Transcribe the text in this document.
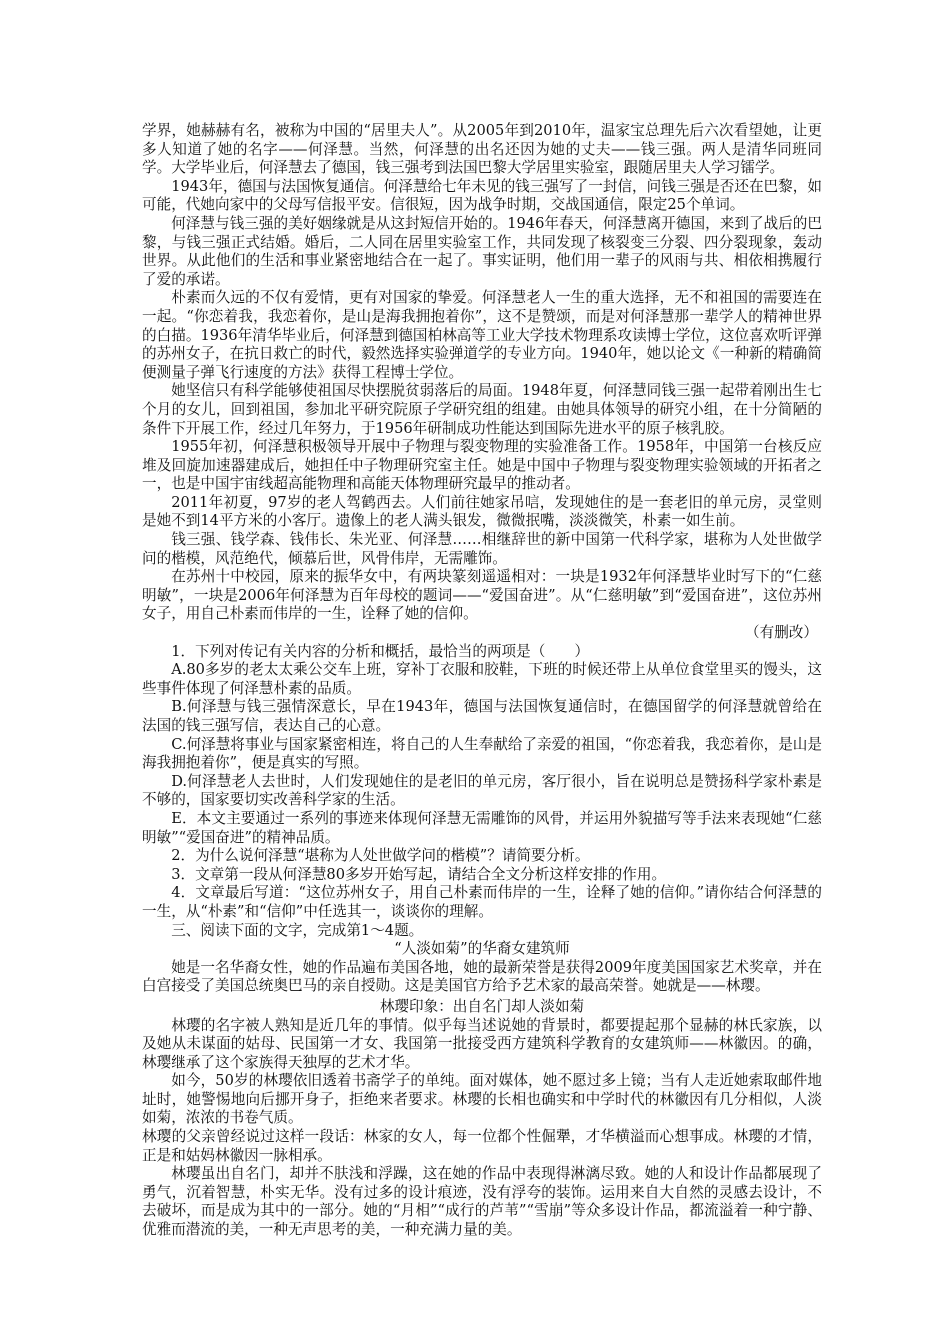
学界，她赫赫有名，被称为中国的“居里夫人”。从2005年到2010年，温家宝总理先后六次看望她，让更多人知道了她的名字——何泽慧。当然，何泽慧的出名还因为她的丈夫——钱三强。两人是清华同班同学。大学毕业后，何泽慧去了德国，钱三强考到法国巴黎大学居里实验室，跟随居里夫人学习镭学。

1943年，德国与法国恢复通信。何泽慧给七年未见的钱三强写了一封信，问钱三强是否还在巴黎，如可能，代她向家中的父母写信报平安。信很短，因为战争时期，交战国通信，限定25个单词。

何泽慧与钱三强的美好姻缘就是从这封短信开始的。1946年春天，何泽慧离开德国，来到了战后的巴黎，与钱三强正式结婚。婚后，二人同在居里实验室工作，共同发现了核裂变三分裂、四分裂现象，轰动世界。从此他们的生活和事业紧密地结合在一起了。事实证明，他们用一辈子的风雨与共、相依相携履行了爱的承诺。

朴素而久远的不仅有爱情，更有对国家的挚爱。何泽慧老人一生的重大选择，无不和祖国的需要连在一起。“你恋着我，我恋着你，是山是海我拥抱着你”，这不是赞颂，而是对何泽慧那一辈学人的精神世界的白描。1936年清华毕业后，何泽慧到德国柏林高等工业大学技术物理系攻读博士学位，这位喜欢听评弹的苏州女子，在抗日救亡的时代，毅然选择实验弹道学的专业方向。1940年，她以论文《一种新的精确简便测量子弹飞行速度的方法》获得工程博士学位。

她坚信只有科学能够使祖国尽快摆脱贫弱落后的局面。1948年夏，何泽慧同钱三强一起带着刚出生七个月的女儿，回到祖国，参加北平研究院原子学研究组的组建。由她具体领导的研究小组，在十分简陋的条件下开展工作，经过几年努力，于1956年研制成功性能达到国际先进水平的原子核乳胶。

1955年初，何泽慧积极领导开展中子物理与裂变物理的实验准备工作。1958年，中国第一台核反应堆及回旋加速器建成后，她担任中子物理研究室主任。她是中国中子物理与裂变物理实验领域的开拓者之一，也是中国宇宙线超高能物理和高能天体物理研究最早的推动者。

2011年初夏，97岁的老人驾鹤西去。人们前往她家吊唁，发现她住的是一套老旧的单元房，灵堂则是她不到14平方米的小客厅。遗像上的老人满头银发，微微抿嘴，淡淡微笑，朴素一如生前。

钱三强、钱学森、钱伟长、朱光亚、何泽慧……相继辞世的新中国第一代科学家，堪称为人处世做学问的楷模，风范绝代，倾慕后世，风骨伟岸，无需雕饰。

在苏州十中校园，原来的振华女中，有两块篆刻遥遥相对：一块是1932年何泽慧毕业时写下的“仁慈明敏”，一块是2006年何泽慧为百年母校的题词——“爱国奋进”。从“仁慈明敏”到“爱国奋进”，这位苏州女子，用自己朴素而伟岸的一生，诠释了她的信仰。

（有删改）

1．下列对传记有关内容的分析和概括，最恰当的两项是（　　）

A.80多岁的老太太乘公交车上班，穿补丁衣服和胶鞋，下班的时候还带上从单位食堂里买的馒头，这些事件体现了何泽慧朴素的品质。

B.何泽慧与钱三强情深意长，早在1943年，德国与法国恢复通信时，在德国留学的何泽慧就曾给在法国的钱三强写信，表达自己的心意。

C.何泽慧将事业与国家紧密相连，将自己的人生奉献给了亲爱的祖国，“你恋着我，我恋着你，是山是海我拥抱着你”，便是真实的写照。

D.何泽慧老人去世时，人们发现她住的是老旧的单元房，客厅很小，旨在说明总是赞扬科学家朴素是不够的，国家要切实改善科学家的生活。

E．本文主要通过一系列的事迹来体现何泽慧无需雕饰的风骨，并运用外貌描写等手法来表现她“仁慈明敏”“爱国奋进”的精神品质。

2．为什么说何泽慧“堪称为人处世做学问的楷模”？请简要分析。

3．文章第一段从何泽慧80多岁开始写起，请结合全文分析这样安排的作用。

4．文章最后写道：“这位苏州女子，用自己朴素而伟岸的一生，诠释了她的信仰。”请你结合何泽慧的一生，从“朴素”和“信仰”中任选其一，谈谈你的理解。

三、阅读下面的文字，完成第1～4题。

“人淡如菊”的华裔女建筑师

她是一名华裔女性，她的作品遍布美国各地，她的最新荣誉是获得2009年度美国国家艺术奖章，并在白宫接受了美国总统奥巴马的亲自授勋。这是美国官方给予艺术家的最高荣誉。她就是——林璎。

林璎印象：出自名门却人淡如菊

林璎的名字被人熟知是近几年的事情。似乎每当述说她的背景时，都要提起那个显赫的林氏家族，以及她从未谋面的姑母、民国第一才女、我国第一批接受西方建筑科学教育的女建筑师——林徽因。的确，林璎继承了这个家族得天独厚的艺术才华。

如今，50岁的林璎依旧透着书斋学子的单纯。面对媒体，她不愿过多上镜；当有人走近她索取邮件地址时，她警惕地向后挪开身子，拒绝来者要求。林璎的长相也确实和中学时代的林徽因有几分相似，人淡如菊，浓浓的书卷气质。

林璎的父亲曾经说过这样一段话：林家的女人，每一位都个性倔犟，才华横溢而心想事成。林璎的才情，正是和姑妈林徽因一脉相承。

林璎虽出自名门，却并不肤浅和浮躁，这在她的作品中表现得淋漓尽致。她的人和设计作品都展现了勇气，沉着智慧，朴实无华。没有过多的设计痕迹，没有浮夸的装饰。运用来自大自然的灵感去设计，不去破坏，而是成为其中的一部分。她的“月相”“成行的芦苇”“雪崩”等众多设计作品，都流溢着一种宁静、优雅而潜流的美，一种无声思考的美，一种充满力量的美。
